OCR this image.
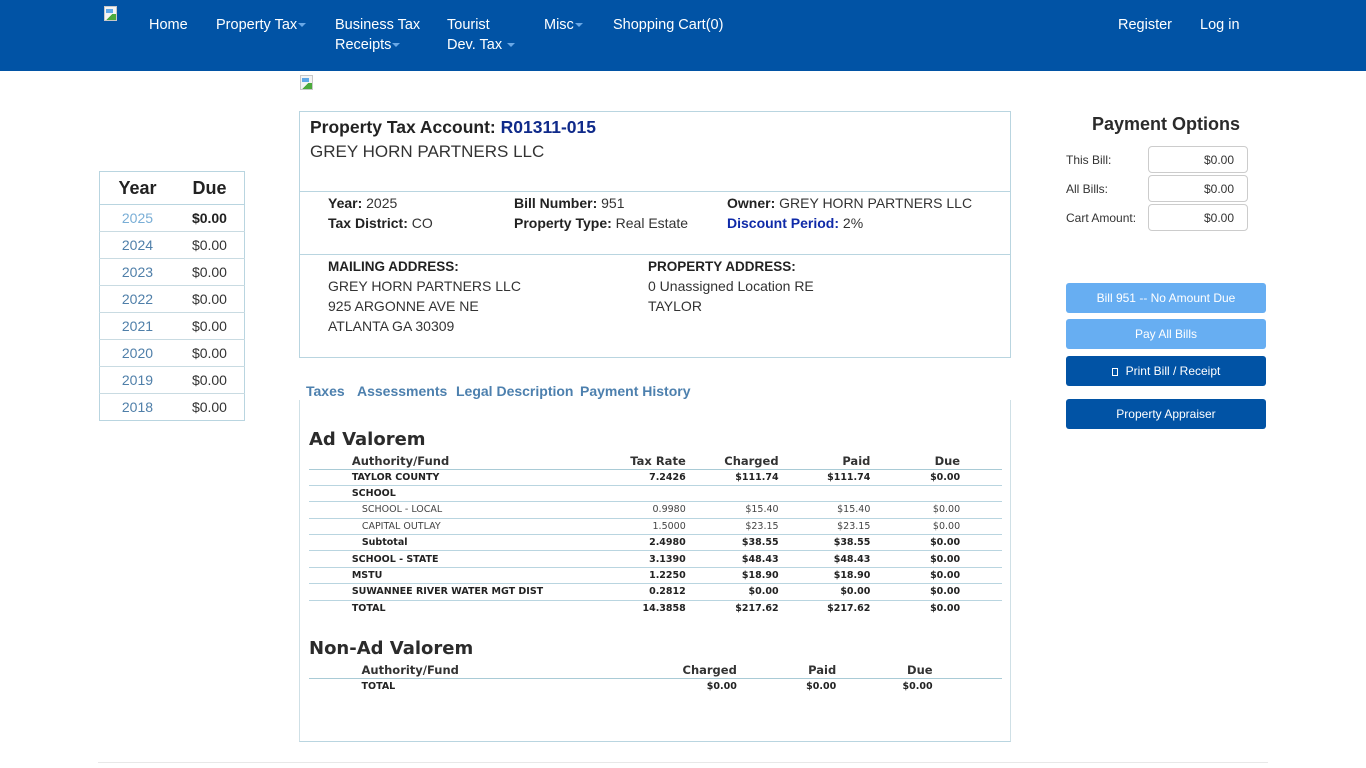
Home Property Tax	Business Tax
Receipts
Tourist
Dev. Tax
Misc	Shopping Cart(0)	Register Log in
Year	Due
2025	$0.00
2024	$0.00
2023	$0.00
2022	$0.00
2021	$0.00
2020	$0.00
2019	$0.00
2018	$0.00
Property Tax Account: R01311-015
GREY HORN PARTNERS LLC
Year: 2025
Tax District: CO
Bill Number: 951
Property Type: Real Estate
Owner: GREY HORN PARTNERS LLC
Discount Period: 2%
MAILING ADDRESS:
GREY HORN PARTNERS LLC
925 ARGONNE AVE NE
ATLANTA GA 30309
PROPERTY ADDRESS:
0 Unassigned Location RE
TAYLOR
Taxes Assessments Legal Description Payment History
Ad Valorem
	Authority/Fund	Tax Rate	Charged	Paid	Due	
	TAYLOR COUNTY	7.2426	$111.74	$111.74	$0.00	
	SCHOOL					
	SCHOOL - LOCAL	0.9980	$15.40	$15.40	$0.00	
	CAPITAL OUTLAY	1.5000	$23.15	$23.15	$0.00	
	Subtotal	2.4980	$38.55	$38.55	$0.00	
	SCHOOL - STATE	3.1390	$48.43	$48.43	$0.00	
	MSTU	1.2250	$18.90	$18.90	$0.00	
	SUWANNEE RIVER WATER MGT DIST	0.2812	$0.00	$0.00	$0.00	
	TOTAL	14.3858	$217.62	$217.62	$0.00	
Non-Ad Valorem
	Authority/Fund	Charged	Paid	Due	
	TOTAL	$0.00	$0.00	$0.00	
Payment Options
This Bill:
$0.00
All Bills:
$0.00
Cart Amount:
$0.00
Bill 951 -- No Amount Due
Pay All Bills
Print Bill / Receipt
Property Appraiser
